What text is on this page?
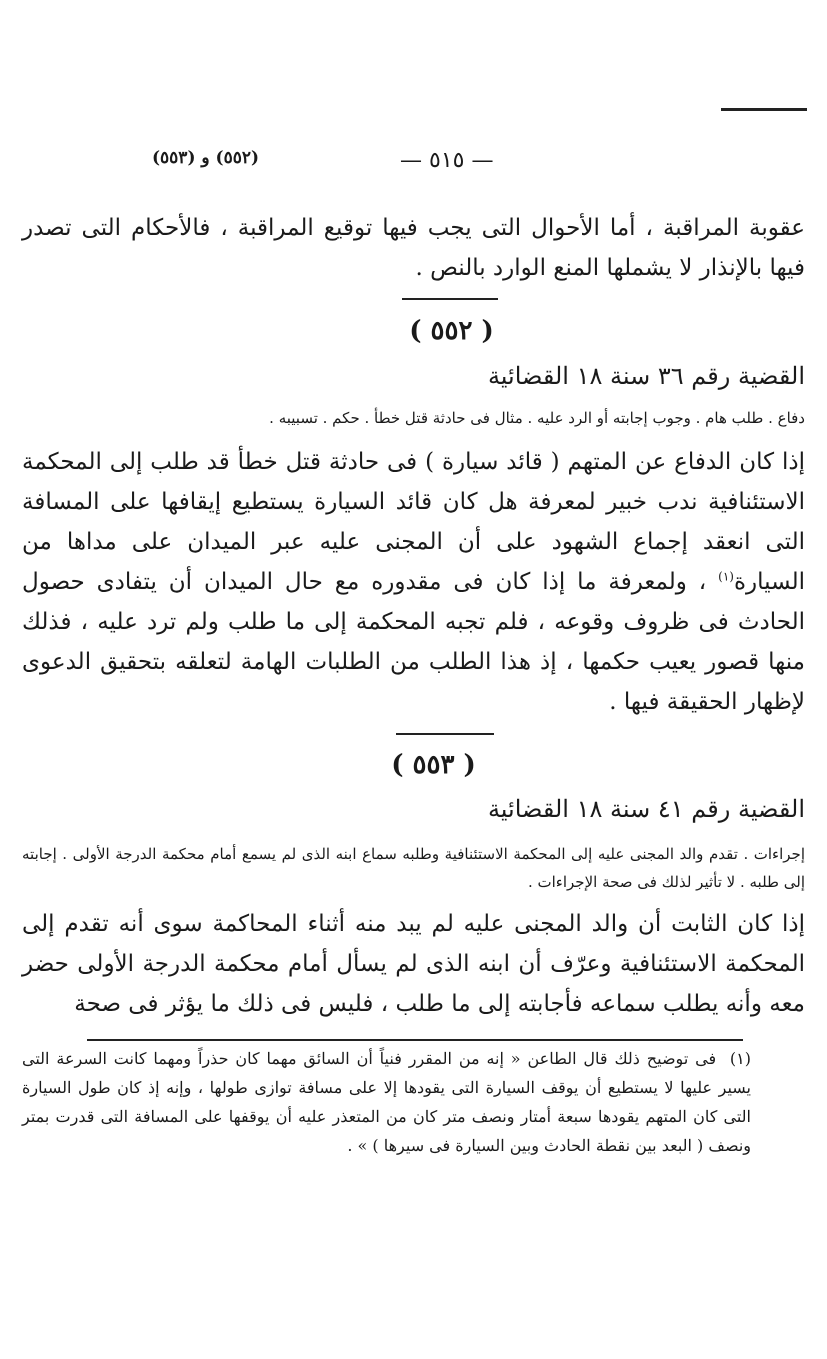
— ٥١٥ —
(٥٥٢) و (٥٥٣)
عقوبة المراقبة ، أما الأحوال التى يجب فيها توقيع المراقبة ، فالأحكام التى تصدر فيها بالإنذار لا يشملها المنع الوارد بالنص .
( ٥٥٢ )
القضية رقم ٣٦ سنة ١٨ القضائية
دفاع . طلب هام . وجوب إجابته أو الرد عليه . مثال فى حادثة قتل خطأ . حكم . تسبيبه .
إذا كان الدفاع عن المتهم ( قائد سيارة ) فى حادثة قتل خطأ قد طلب إلى المحكمة الاستئنافية ندب خبير لمعرفة هل كان قائد السيارة يستطيع إيقافها على المسافة التى انعقد إجماع الشهود على أن المجنى عليه عبر الميدان على مداها من السيارة$^{(١)}$ ، ولمعرفة ما إذا كان فى مقدوره مع حال الميدان أن يتفادى حصول الحادث فى ظروف وقوعه ، فلم تجبه المحكمة إلى ما طلب ولم ترد عليه ، فذلك منها قصور يعيب حكمها ، إذ هذا الطلب من الطلبات الهامة لتعلقه بتحقيق الدعوى لإظهار الحقيقة فيها .
( ٥٥٣ )
القضية رقم ٤١ سنة ١٨ القضائية
إجراءات . تقدم والد المجنى عليه إلى المحكمة الاستئنافية وطلبه سماع ابنه الذى لم يسمع أمام محكمة الدرجة الأولى . إجابته إلى طلبه . لا تأثير لذلك فى صحة الإجراءات .
إذا كان الثابت أن والد المجنى عليه لم يبد منه أثناء المحاكمة سوى أنه تقدم إلى المحكمة الاستئنافية وعرّف أن ابنه الذى لم يسأل أمام محكمة الدرجة الأولى حضر معه وأنه يطلب سماعه فأجابته إلى ما طلب ، فليس فى ذلك ما يؤثر فى صحة
(١)  فى توضيح ذلك قال الطاعن « إنه من المقرر فنياً أن السائق مهما كان حذراً ومهما كانت السرعة التى يسير عليها لا يستطيع أن يوقف السيارة التى يقودها إلا على مسافة توازى طولها ، وإنه إذ كان طول السيارة التى كان المتهم يقودها سبعة أمتار ونصف متر كان من المتعذر عليه أن يوقفها على المسافة التى قدرت بمتر ونصف ( البعد بين نقطة الحادث وبين السيارة فى سيرها ) » .
